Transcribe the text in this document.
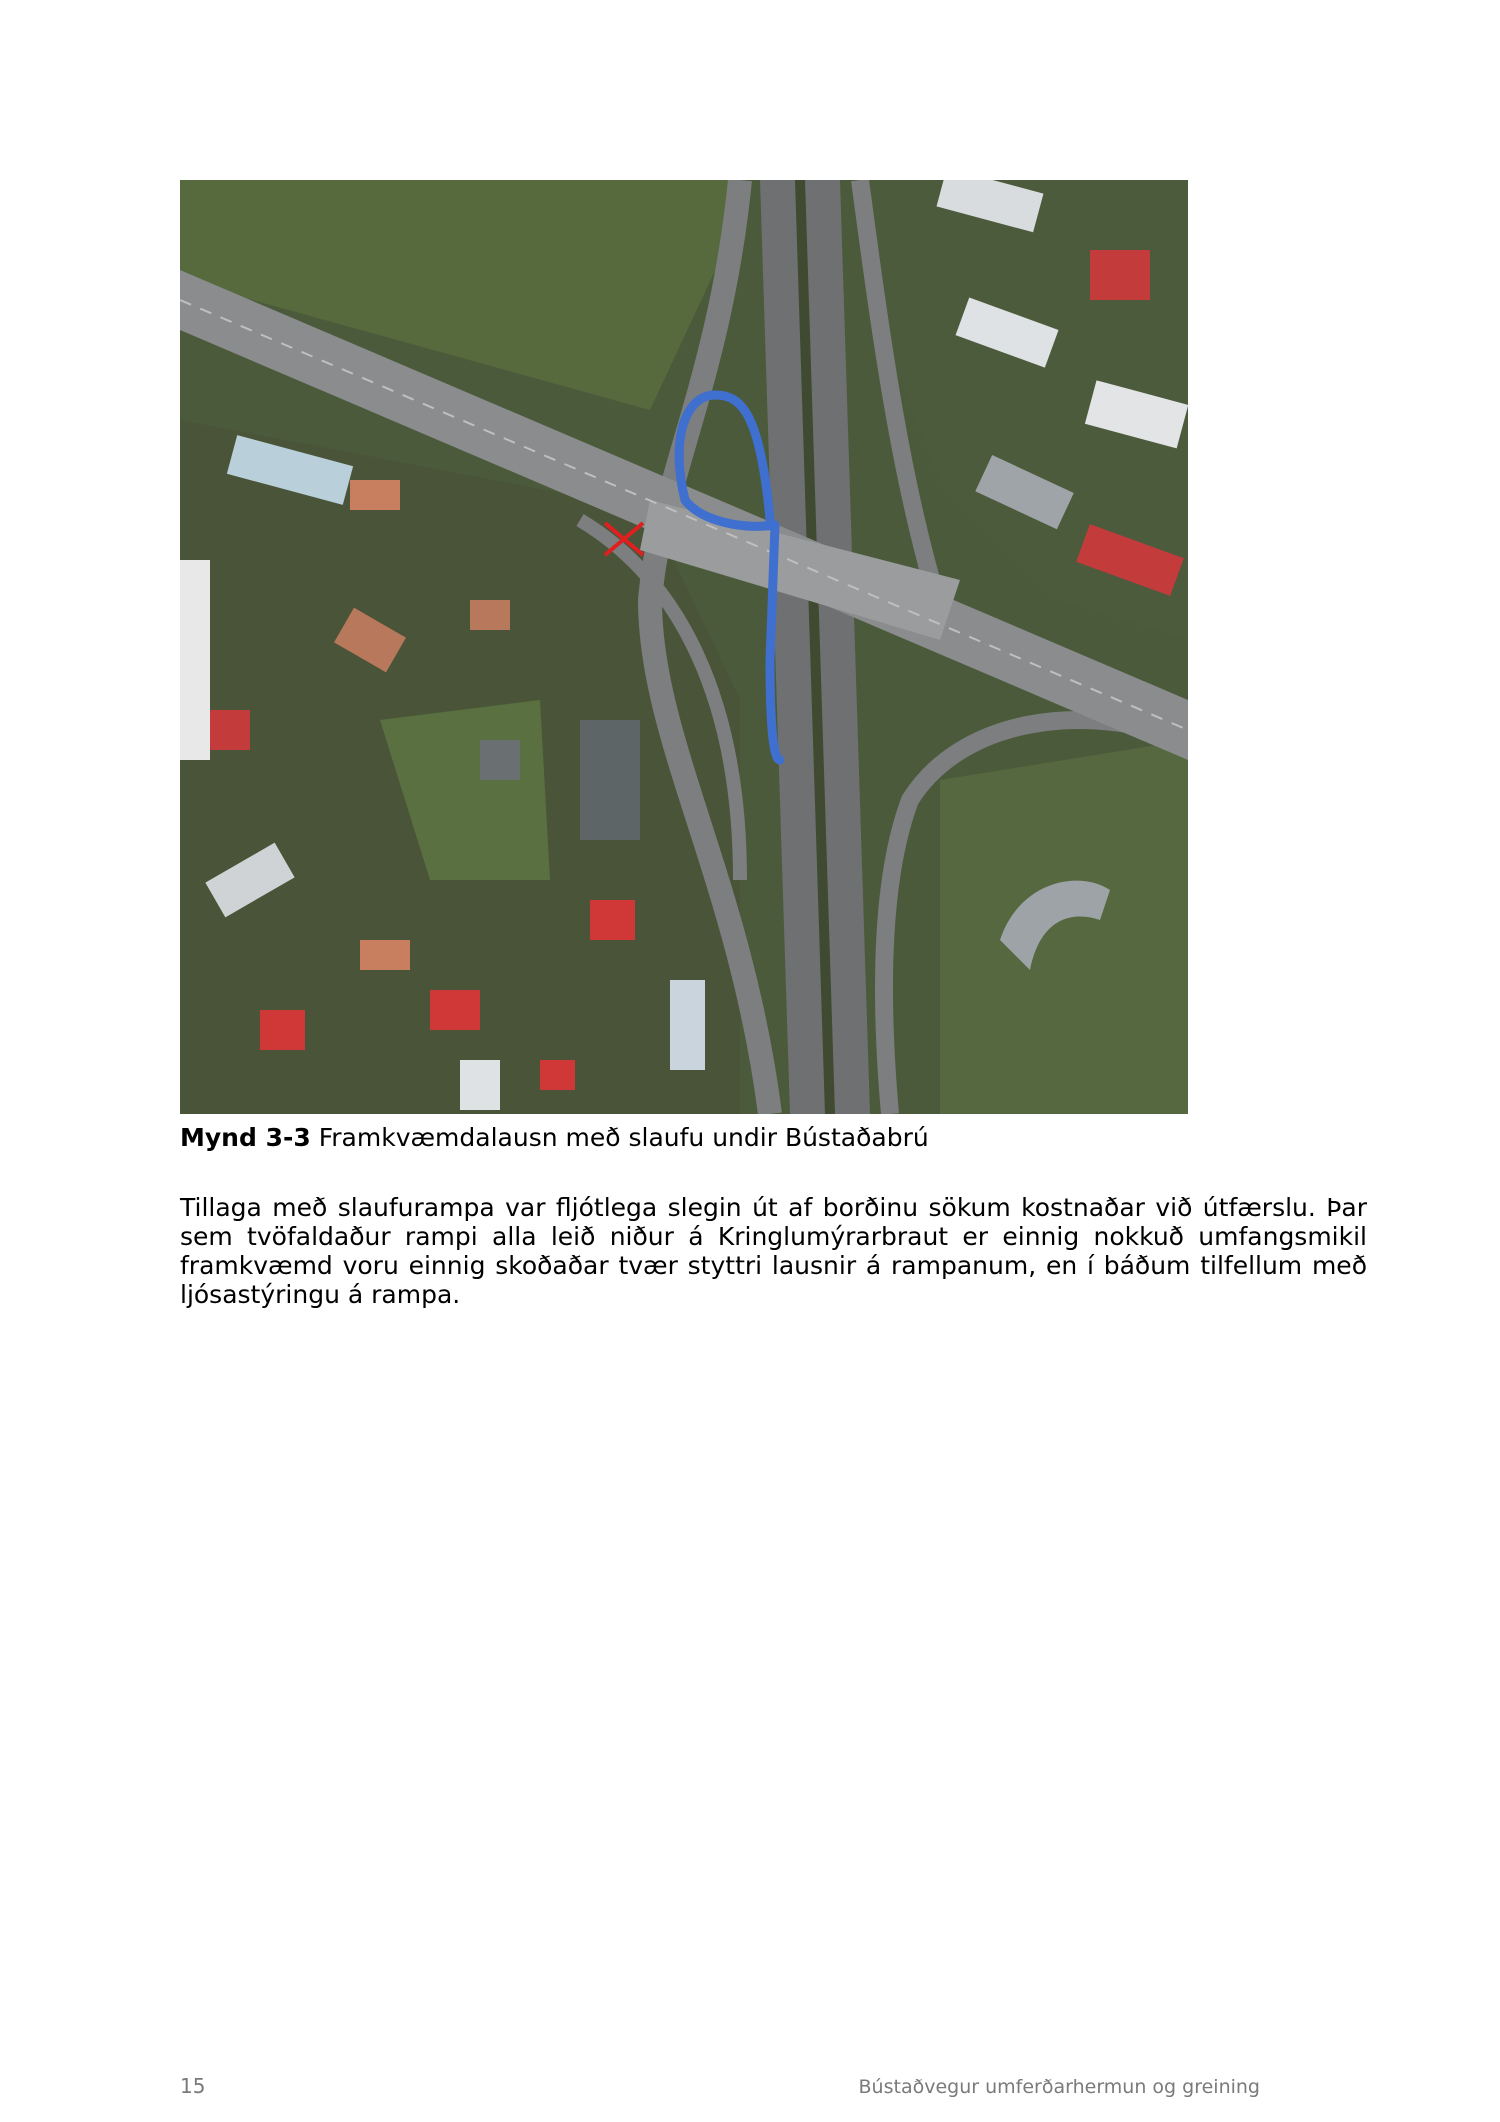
Mynd 3-3 Framkvæmdalausn með slaufu undir Bústaðabrú

Tillaga með slaufurampa var fljótlega slegin út af borðinu sökum kostnaðar við útfærslu. Þar sem tvöfaldaður rampi alla leið niður á Kringlumýrarbraut er einnig nokkuð umfangsmikil framkvæmd voru einnig skoðaðar tvær styttri lausnir á rampanum, en í báðum tilfellum með ljósastýringu á rampa.

15	Bústaðvegur umferðarhermun og greining
